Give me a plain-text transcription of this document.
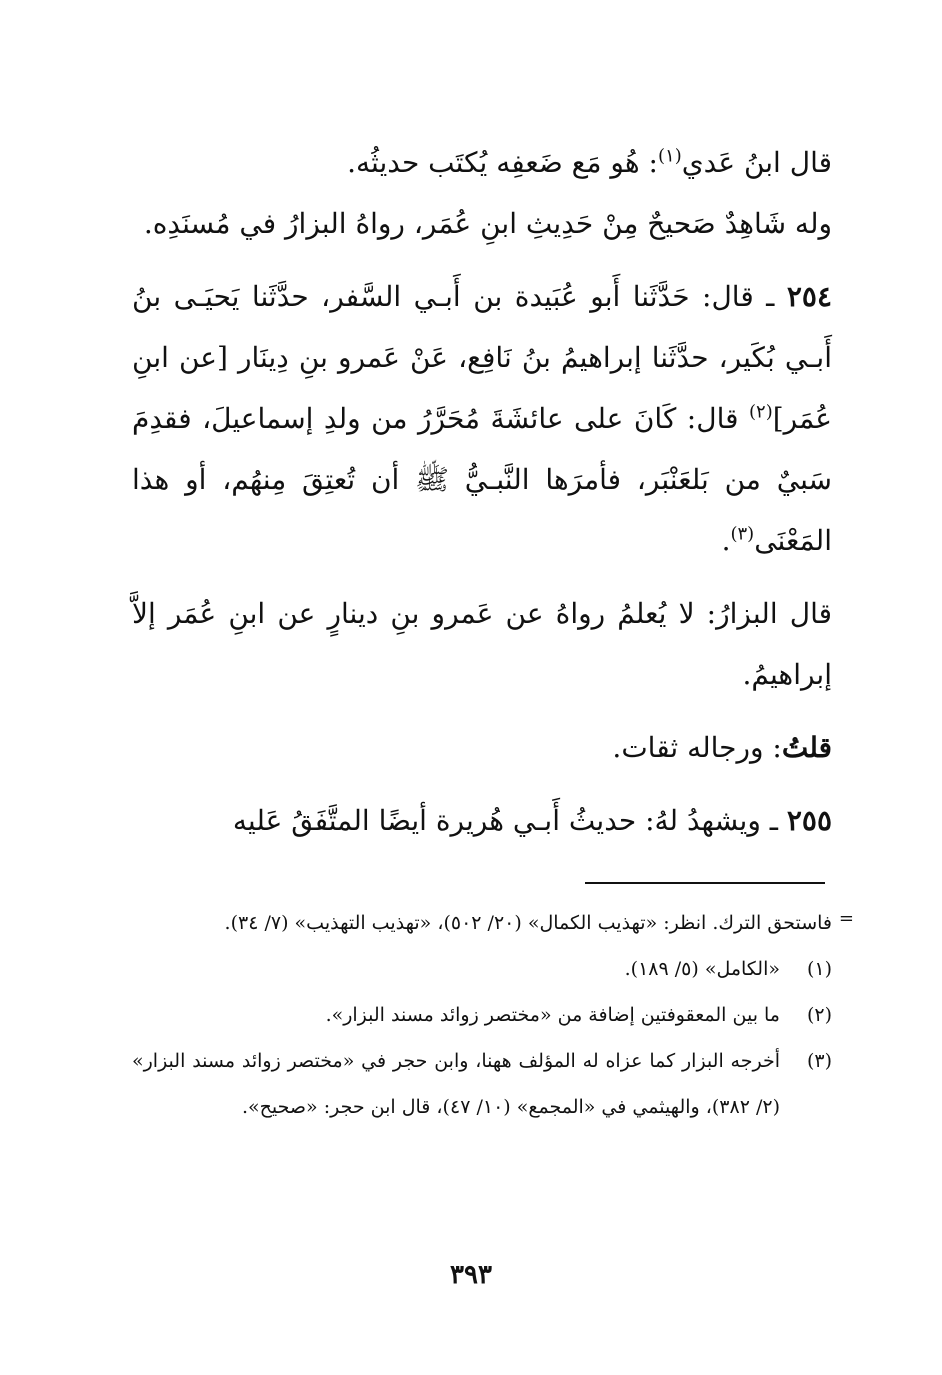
قال ابنُ عَدي$^{(١)}$: هُو مَع ضَعفِه يُكتَب حديثُه.

وله شَاهِدٌ صَحيحٌ مِنْ حَدِيثِ ابنِ عُمَر، رواهُ البزارُ في مُسنَدِه.

٢٥٤ ـ قال: حَدَّثَنا أَبو عُبَيدة بن أَبـي السَّفر، حدَّثَنا يَحيَـى بنُ أَبـي بُكَير، حدَّثَنا إبراهيمُ بنُ نَافِع، عَنْ عَمرو بنِ دِينَار [عن ابنِ عُمَر]$^{(٢)}$ قال: كَانَ على عائشَةَ مُحَرَّرُ من ولدِ إسماعيلَ، فقدِمَ سَبيٌ من بَلعَنْبَر، فأمرَها النَّبـيُّ ﷺ أن تُعتِقَ مِنهُم، أو هذا المَعْنَى$^{(٣)}$.

قال البزارُ: لا يُعلمُ رواهُ عن عَمرو بنِ دينارٍ عن ابنِ عُمَر إلاَّ إبراهيمُ.

قلتُ: ورجاله ثقات.

٢٥٥ ـ ويشهدُ لهُ: حديثُ أَبـي هُريرة أيضًا المتَّفَقُ عَليه

=

فاستحق الترك. انظر: «تهذيب الكمال» (٢٠/ ٥٠٢)، «تهذيب التهذيب» (٧/ ٣٤).

(١)
«الكامل» (٥/ ١٨٩).
(٢)
ما بين المعقوفتين إضافة من «مختصر زوائد مسند البزار».
(٣)
أخرجه البزار كما عزاه له المؤلف ههنا، وابن حجر في «مختصر زوائد مسند البزار» (٢/ ٣٨٢)، والهيثمي في «المجمع» (١٠/ ٤٧)، قال ابن حجر: «صحيح».
٣٩٣
